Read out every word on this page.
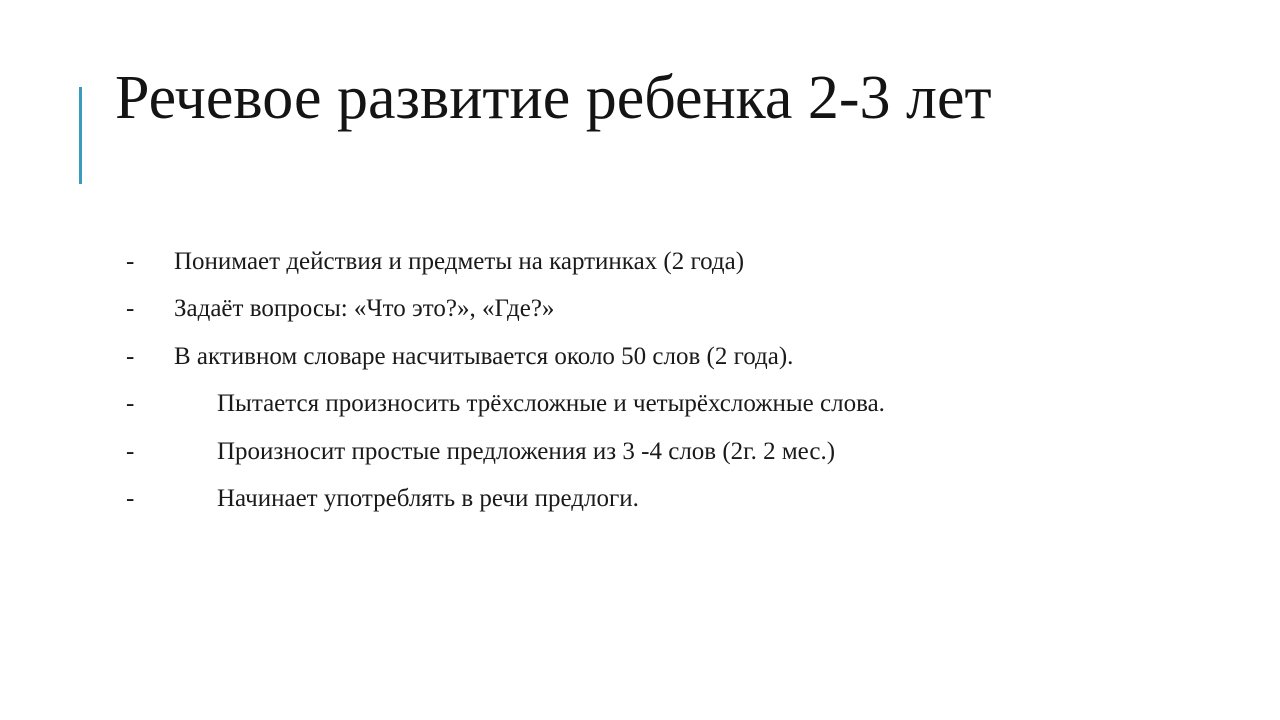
Речевое развитие ребенка 2-3 лет
- Понимает действия и предметы на картинках (2 года)
- Задаёт вопросы: «Что это?», «Где?»
- В активном словаре насчитывается около 50 слов (2 года).
-	Пытается произносить трёхсложные и четырёхсложные слова.
-	Произносит простые предложения из 3 -4 слов (2г. 2 мес.)
-	Начинает употреблять в речи предлоги.
